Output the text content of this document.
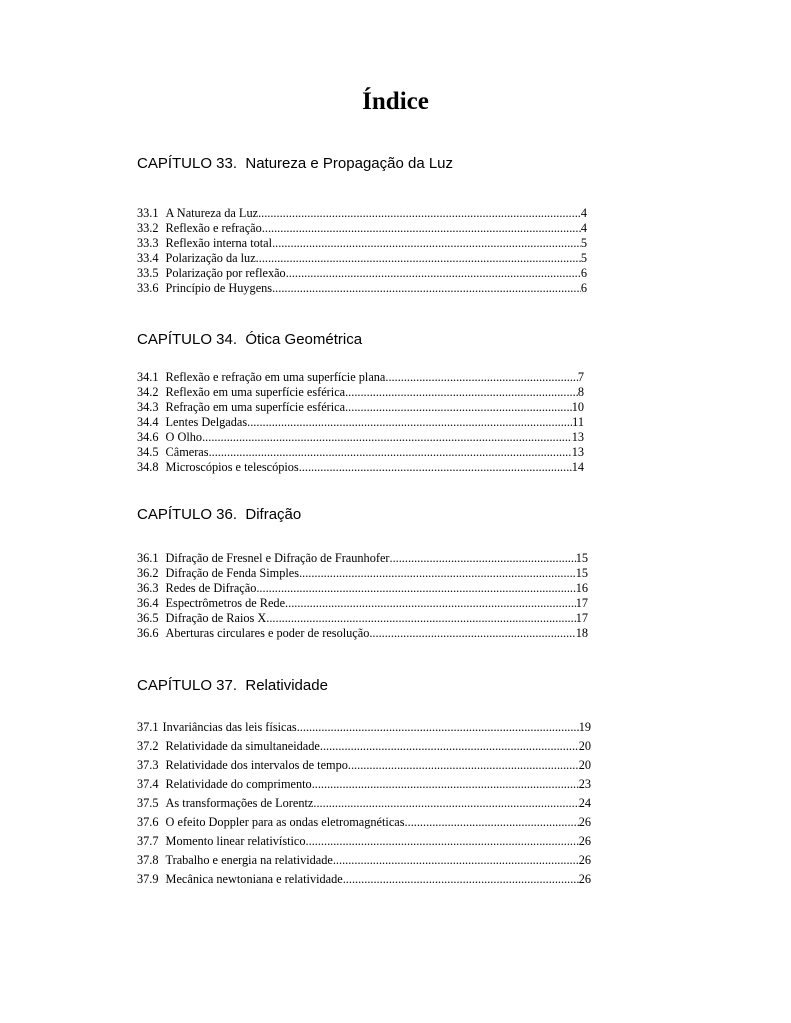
Índice
CAPÍTULO 33.  Natureza e Propagação da Luz
33.1 A Natureza da Luz .....	4
33.2 Reflexão e refração .....	4
33.3 Reflexão interna total .....	5
33.4 Polarização da luz .....	5
33.5 Polarização por reflexão .....	6
33.6 Princípio de Huygens .....	6
CAPÍTULO 34.  Ótica Geométrica
34.1 Reflexão e refração em uma superfície plana .....	7
34.2 Reflexão em uma superfície esférica .....	8
34.3 Refração em uma superfície esférica .....	10
34.4 Lentes Delgadas .....	11
34.6 O Olho .....	13
34.5 Câmeras .....	13
34.8 Microscópios e telescópios .....	14
CAPÍTULO 36.  Difração
36.1 Difração de Fresnel e Difração de Fraunhofer .....	15
36.2 Difração de Fenda Simples .....	15
36.3 Redes de Difração .....	16
36.4 Espectrômetros de Rede .....	17
36.5 Difração de Raios X .....	17
36.6 Aberturas circulares e poder de resolução .....	18
CAPÍTULO 37.  Relatividade
37.1 Invariâncias das leis físicas .....	19
37.2 Relatividade da simultaneidade .....	20
37.3 Relatividade dos intervalos de tempo .....	20
37.4 Relatividade do comprimento .....	23
37.5 As transformações de Lorentz .....	24
37.6 O efeito Doppler para as ondas eletromagnéticas .....	26
37.7 Momento linear relativístico .....	26
37.8 Trabalho e energia na relatividade .....	26
37.9 Mecânica newtoniana e relatividade .....	26
